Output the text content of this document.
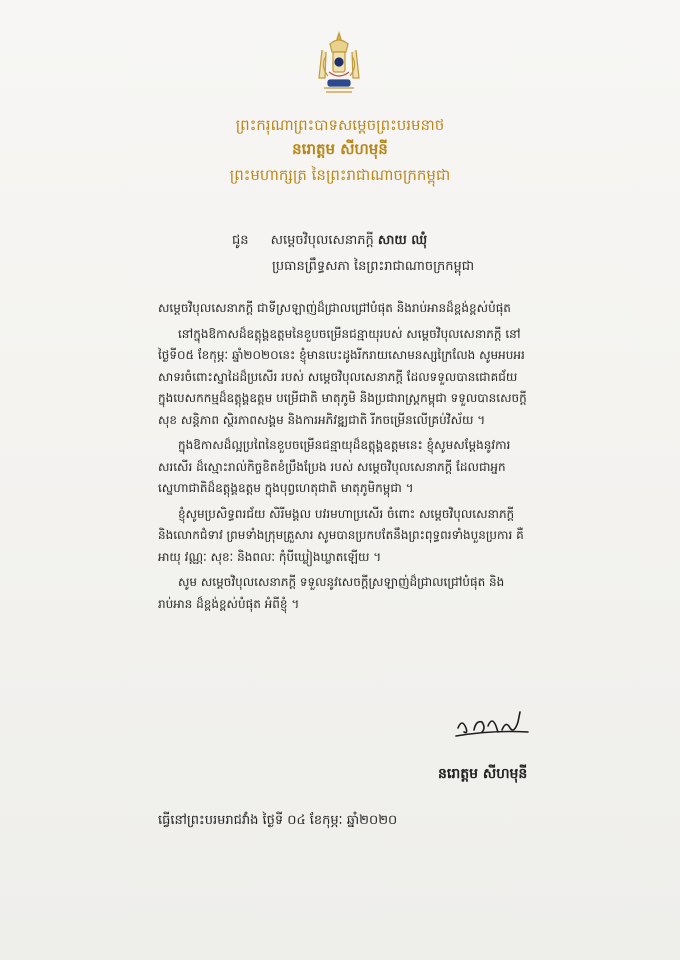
ព្រះករុណាព្រះបាទសម្តេចព្រះបរមនាថ
នរោត្តម សីហមុនី
ព្រះមហាក្សត្រ នៃព្រះរាជាណាចក្រកម្ពុជា
ជូន សម្តេចវិបុលសេនាភក្តី សាយ ឈុំ
ប្រធានព្រឹទ្ធសភា នៃព្រះរាជាណាចក្រកម្ពុជា

សម្តេចវិបុលសេនាភក្តី ជាទីស្រឡាញ់ដ៏ជ្រាលជ្រៅបំផុត និងរាប់អានដ៏ខ្ពង់ខ្ពស់បំផុត

នៅក្នុងឱកាសដ៏ឧត្តុង្គឧត្តមនៃខួបចម្រើនជន្មាយុរបស់ សម្តេចវិបុលសេនាភក្តី នៅថ្ងៃទី០៥ ខែកុម្ភៈ ឆ្នាំ២០២០នេះ ខ្ញុំមានបេះដូងរីករាយសោមនស្សក្រៃលែង សូមអបអរសាទរចំពោះស្នាដៃដ៏ប្រសើរ របស់ សម្តេចវិបុលសេនាភក្តី ដែលទទួលបានជោគជ័យក្នុងបេសកកម្មដ៏ឧត្តុង្គឧត្តម បម្រើជាតិ មាតុភូមិ និងប្រជារាស្ត្រកម្ពុជា ទទួលបានសេចក្តីសុខ សន្តិភាព ស្ថិរភាពសង្គម និងការអភិវឌ្ឍជាតិ រីកចម្រើនលើគ្រប់វិស័យ ។

ក្នុងឱកាសដ៏ល្អប្រពៃនៃខួបចម្រើនជន្មាយុដ៏ឧត្តុង្គឧត្តមនេះ ខ្ញុំសូមសម្តែងនូវការសរសើរ ដ៏ស្មោះរាល់កិច្ចខិតខំប្រឹងប្រែង របស់ សម្តេចវិបុលសេនាភក្តី ដែលជាអ្នកស្នេហាជាតិដ៏ឧត្តុង្គឧត្តម ក្នុងបុព្វហេតុជាតិ មាតុភូមិកម្ពុជា ។

ខ្ញុំសូមប្រសិទ្ធពរជ័យ សិរីមង្គល បវរមហាប្រសើរ ចំពោះ សម្តេចវិបុលសេនាភក្តី និងលោកជំទាវ ព្រមទាំងក្រុមគ្រួសារ សូមបានប្រកបតែនឹងព្រះពុទ្ធពរទាំងបួនប្រការ គឺ អាយុ វណ្ណៈ សុខៈ និងពលៈ កុំបីឃ្លៀងឃ្លាតឡើយ ។

សូម សម្តេចវិបុលសេនាភក្តី ទទួលនូវសេចក្តីស្រឡាញ់ដ៏ជ្រាលជ្រៅបំផុត និងរាប់អាន ដ៏ខ្ពង់ខ្ពស់បំផុត អំពីខ្ញុំ ។

នរោត្តម សីហមុនី
ធ្វើនៅព្រះបរមរាជវាំង ថ្ងៃទី ០៤ ខែកុម្ភៈ ឆ្នាំ២០២០
